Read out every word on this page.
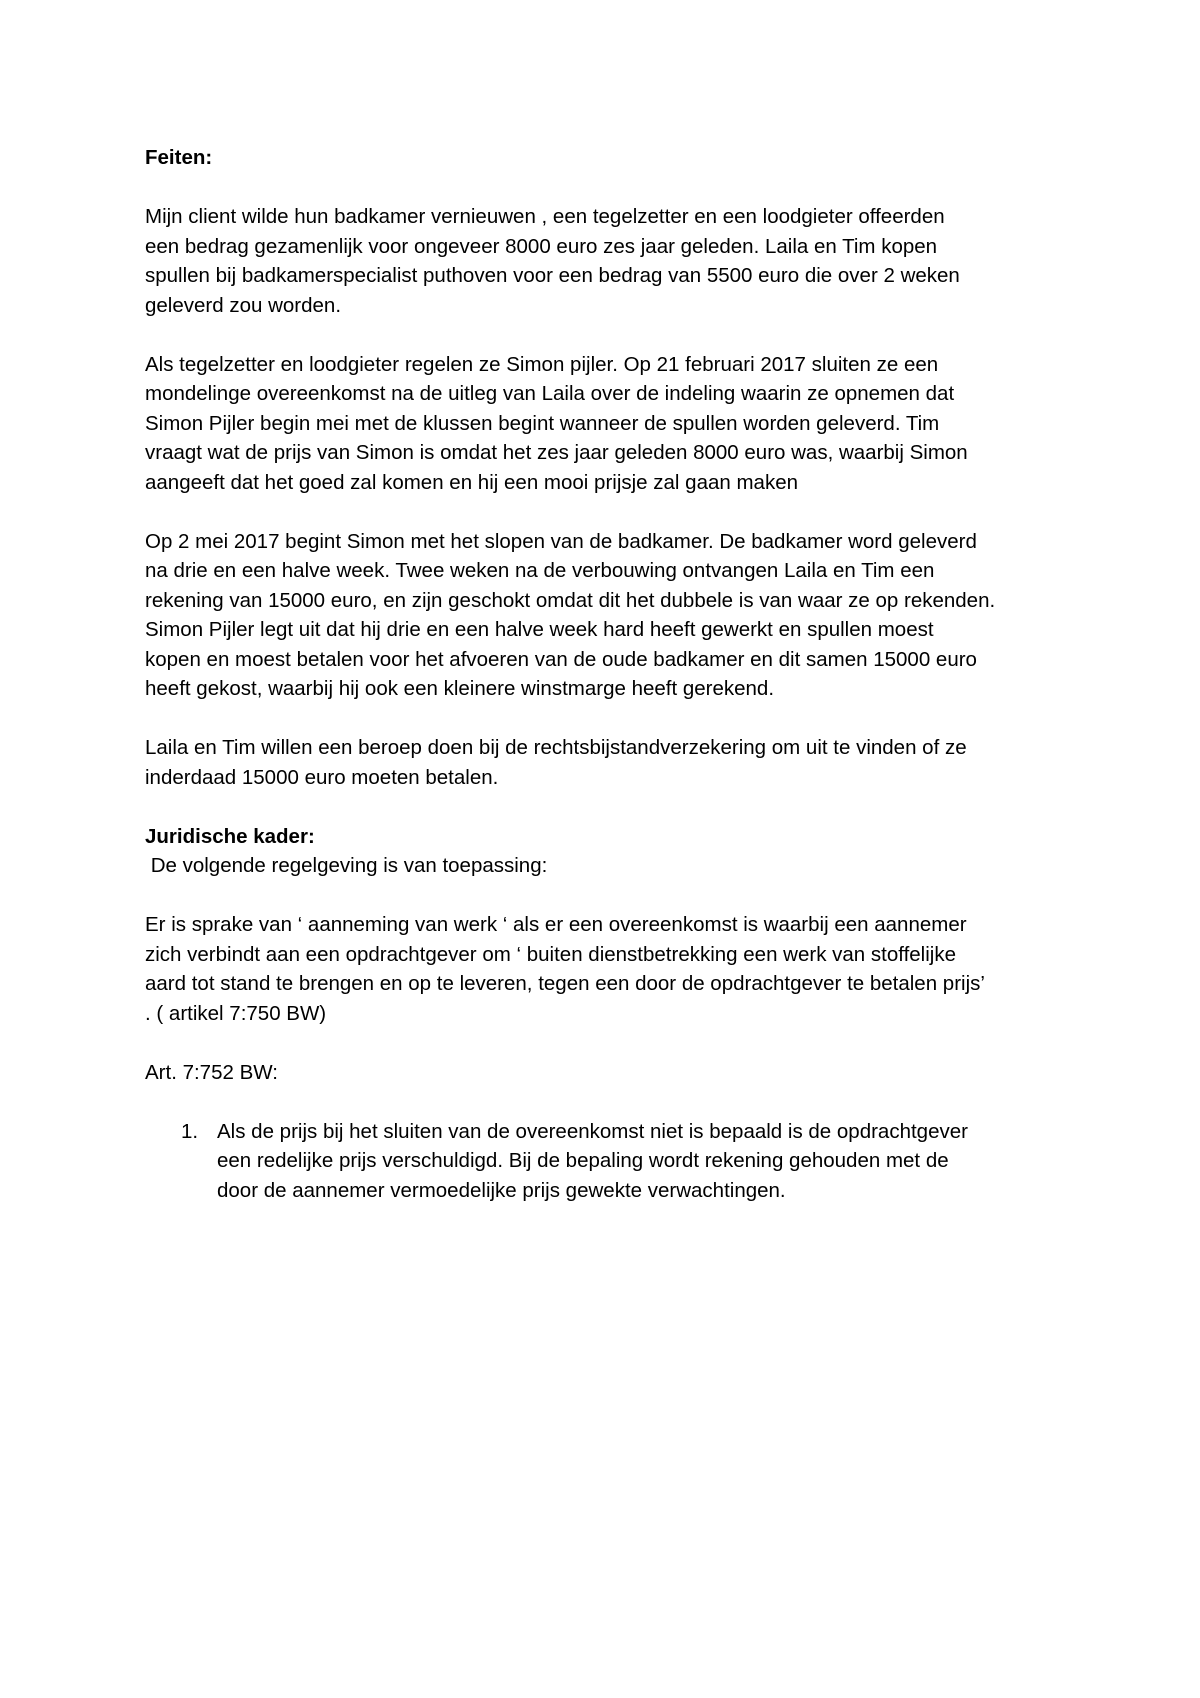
Feiten:
Mijn client wilde hun badkamer vernieuwen , een tegelzetter en een loodgieter offeerden
een bedrag gezamenlijk voor ongeveer 8000 euro zes jaar geleden. Laila en Tim kopen
spullen bij badkamerspecialist puthoven voor een bedrag van 5500 euro die over 2 weken
geleverd zou worden.
Als tegelzetter en loodgieter regelen ze Simon pijler. Op 21 februari 2017 sluiten ze een
mondelinge overeenkomst na de uitleg van Laila over de indeling waarin ze opnemen dat
Simon Pijler begin mei met de klussen begint wanneer de spullen worden geleverd. Tim
vraagt wat de prijs van Simon is omdat het zes jaar geleden 8000 euro was, waarbij Simon
aangeeft dat het goed zal komen en hij een mooi prijsje zal gaan maken
Op 2 mei 2017 begint Simon met het slopen van de badkamer. De badkamer word geleverd
na drie en een halve week. Twee weken na de verbouwing ontvangen Laila en Tim een
rekening van 15000 euro, en zijn geschokt omdat dit het dubbele is van waar ze op rekenden.
Simon Pijler legt uit dat hij drie en een halve week hard heeft gewerkt en spullen moest
kopen en moest betalen voor het afvoeren van de oude badkamer en dit samen 15000 euro
heeft gekost, waarbij hij ook een kleinere winstmarge heeft gerekend.
Laila en Tim willen een beroep doen bij de rechtsbijstandverzekering om uit te vinden of ze
inderdaad 15000 euro moeten betalen.
Juridische kader:
De volgende regelgeving is van toepassing:
Er is sprake van ‘ aanneming van werk ‘ als er een overeenkomst is waarbij een aannemer
zich verbindt aan een opdrachtgever om ‘ buiten dienstbetrekking een werk van stoffelijke
aard tot stand te brengen en op te leveren, tegen een door de opdrachtgever te betalen prijs’
. ( artikel 7:750 BW)
Art. 7:752 BW:
1. Als de prijs bij het sluiten van de overeenkomst niet is bepaald is de opdrachtgever
een redelijke prijs verschuldigd. Bij de bepaling wordt rekening gehouden met de
door de aannemer vermoedelijke prijs gewekte verwachtingen.
